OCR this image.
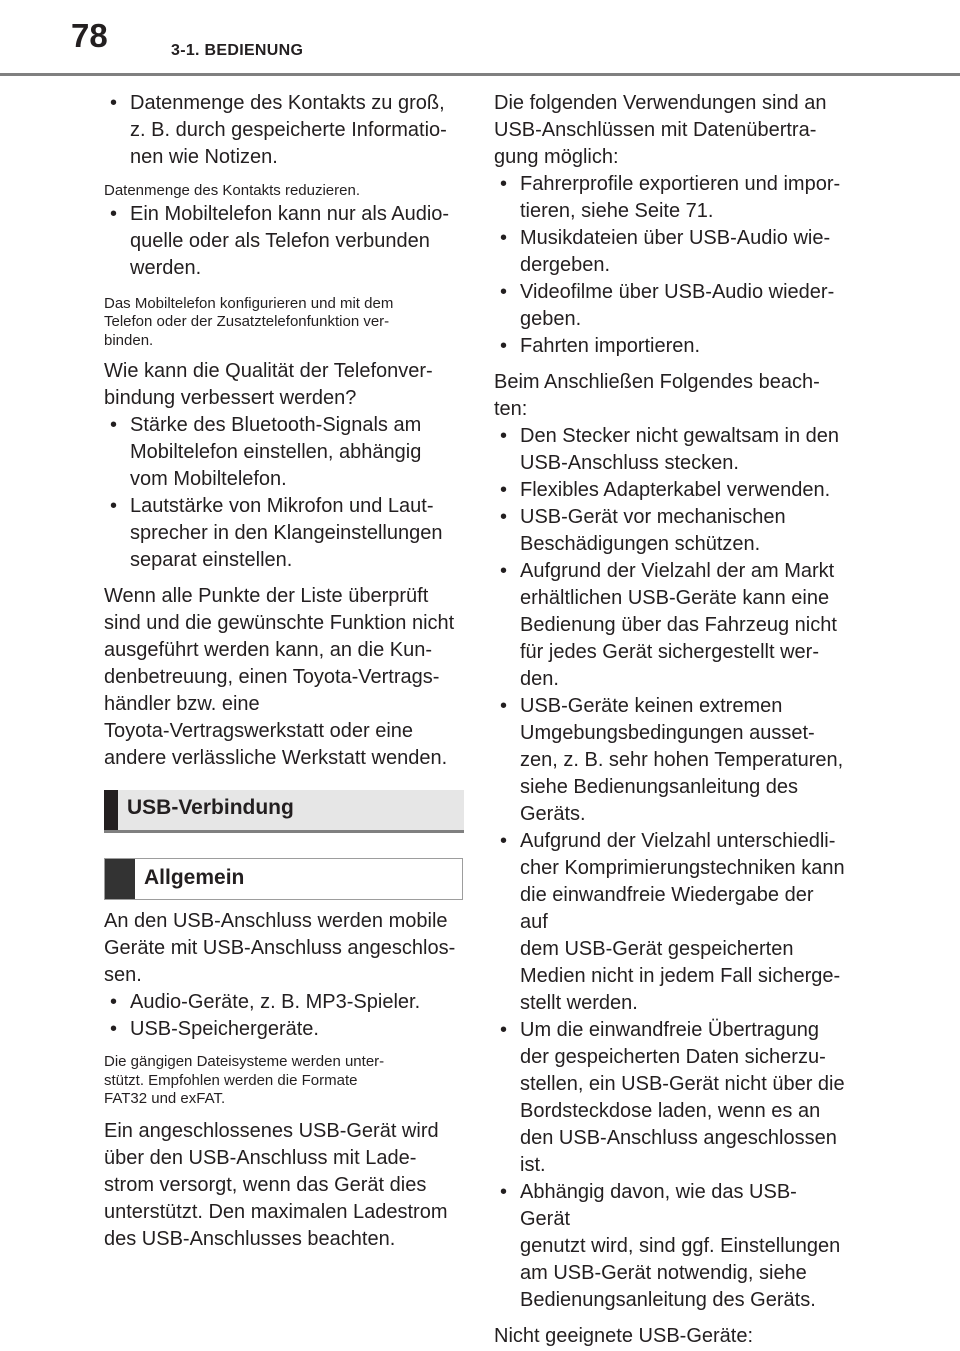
78	3-1. BEDIENUNG
• Datenmenge des Kontakts zu groß,
z. B. durch gespeicherte Informatio-
nen wie Notizen.

Datenmenge des Kontakts reduzieren.

• Ein Mobiltelefon kann nur als Audio-
quelle oder als Telefon verbunden
werden.

Das Mobiltelefon konfigurieren und mit dem
Telefon oder der Zusatztelefonfunktion ver-
binden.

Wie kann die Qualität der Telefonver-
bindung verbessert werden?

• Stärke des Bluetooth-Signals am
Mobiltelefon einstellen, abhängig
vom Mobiltelefon.
• Lautstärke von Mikrofon und Laut-
sprecher in den Klangeinstellungen
separat einstellen.

Wenn alle Punkte der Liste überprüft
sind und die gewünschte Funktion nicht
ausgeführt werden kann, an die Kun-
denbetreuung, einen Toyota-Vertrags-
händler bzw. eine
Toyota-Vertragswerkstatt oder eine
andere verlässliche Werkstatt wenden.

USB-Verbindung
Allgemein

An den USB-Anschluss werden mobile
Geräte mit USB-Anschluss angeschlos-
sen.

• Audio-Geräte, z. B. MP3-Spieler.
• USB-Speichergeräte.

Die gängigen Dateisysteme werden unter-
stützt. Empfohlen werden die Formate
FAT32 und exFAT.

Ein angeschlossenes USB-Gerät wird
über den USB-Anschluss mit Lade-
strom versorgt, wenn das Gerät dies
unterstützt. Den maximalen Ladestrom
des USB-Anschlusses beachten.

Die folgenden Verwendungen sind an
USB-Anschlüssen mit Datenübertra-
gung möglich:

• Fahrerprofile exportieren und impor-
tieren, siehe Seite 71.
• Musikdateien über USB-Audio wie-
dergeben.
• Videofilme über USB-Audio wieder-
geben.
• Fahrten importieren.

Beim Anschließen Folgendes beach-
ten:

• Den Stecker nicht gewaltsam in den
USB-Anschluss stecken.
• Flexibles Adapterkabel verwenden.
• USB-Gerät vor mechanischen
Beschädigungen schützen.
• Aufgrund der Vielzahl der am Markt
erhältlichen USB-Geräte kann eine
Bedienung über das Fahrzeug nicht
für jedes Gerät sichergestellt wer-
den.
• USB-Geräte keinen extremen
Umgebungsbedingungen ausset-
zen, z. B. sehr hohen Temperaturen,
siehe Bedienungsanleitung des
Geräts.
• Aufgrund der Vielzahl unterschiedli-
cher Komprimierungstechniken kann
die einwandfreie Wiedergabe der auf
dem USB-Gerät gespeicherten
Medien nicht in jedem Fall sicherge-
stellt werden.
• Um die einwandfreie Übertragung
der gespeicherten Daten sicherzu-
stellen, ein USB-Gerät nicht über die
Bordsteckdose laden, wenn es an
den USB-Anschluss angeschlossen
ist.
• Abhängig davon, wie das USB-Gerät
genutzt wird, sind ggf. Einstellungen
am USB-Gerät notwendig, siehe
Bedienungsanleitung des Geräts.

Nicht geeignete USB-Geräte:
